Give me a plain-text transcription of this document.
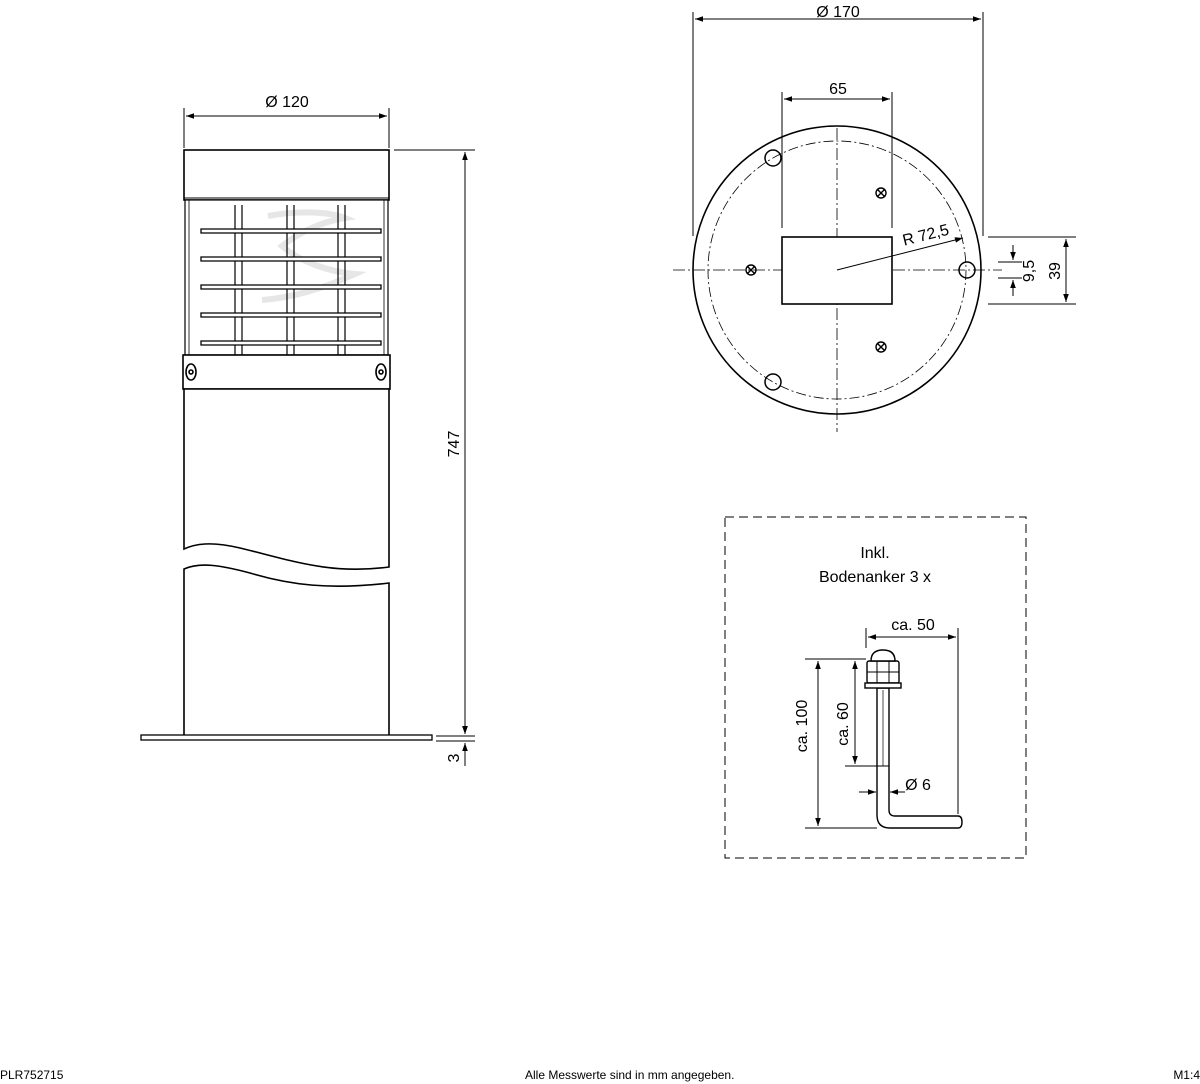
Ø 120
747
3
Ø 170
65
R 72,5
9,5 39
Inkl.
Bodenanker 3 x
ca. 50
ca. 100 ca. 60
Ø 6
PLR752715	Alle Messwerte sind in mm angegeben.	M1:4
